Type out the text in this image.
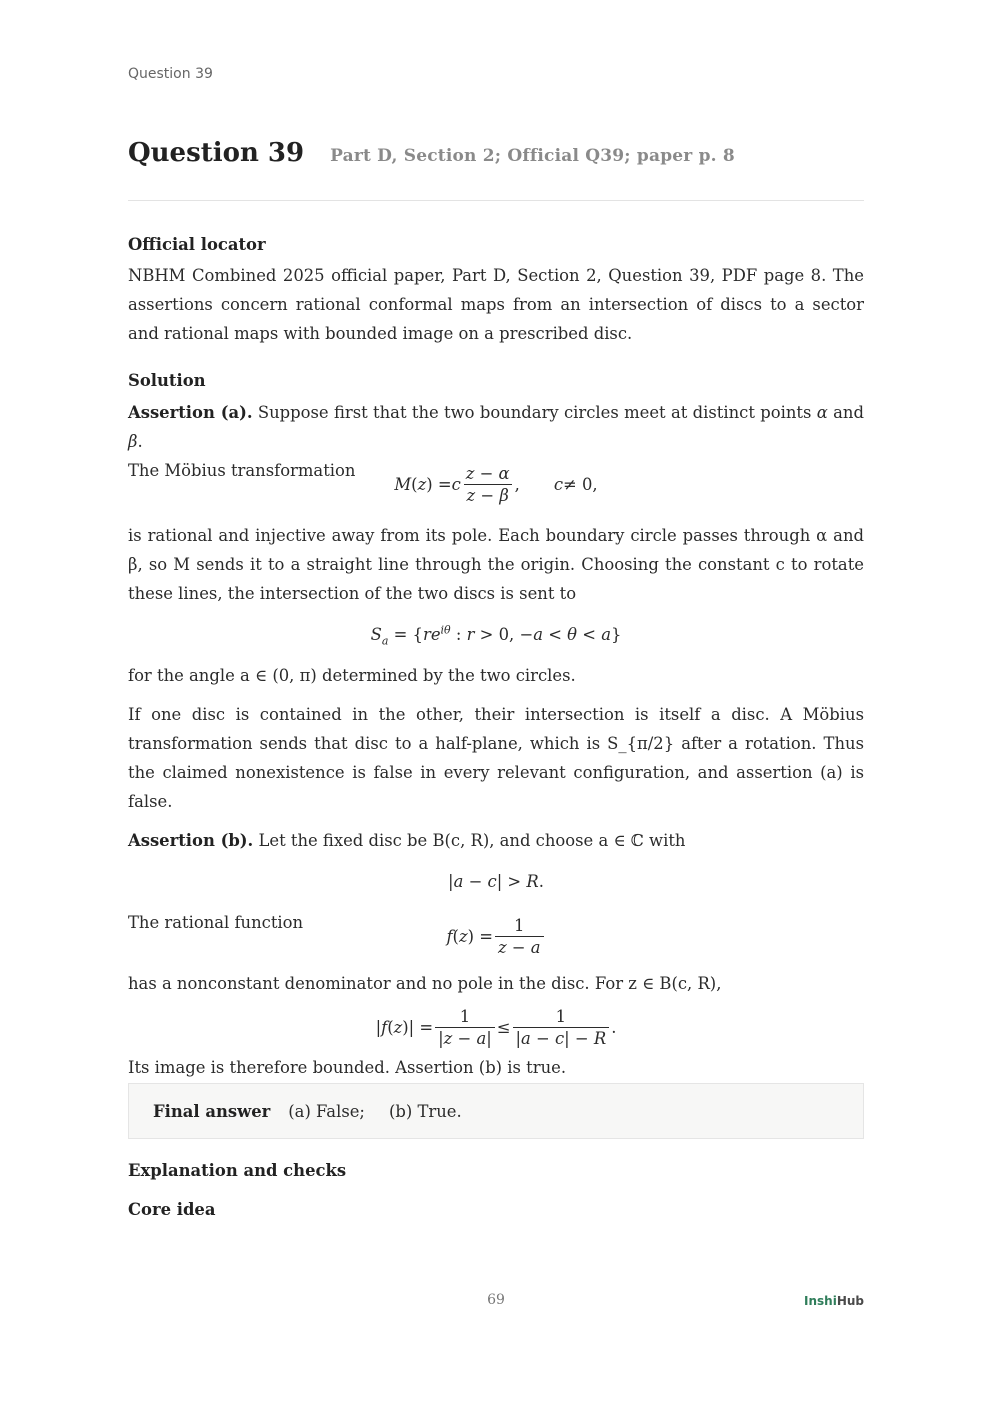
Question 39
Question 39 Part D, Section 2; Official Q39; paper p. 8
Official locator

NBHM Combined 2025 official paper, Part D, Section 2, Question 39, PDF page 8. The assertions concern rational conformal maps from an intersection of discs to a sector and rational maps with bounded image on a prescribed disc.

Solution

Assertion (a). Suppose first that the two boundary circles meet at distinct points α and β.

The Möbius transformation

M ( z ) = c $\frac{z - \alpha}{z - \beta}$ , c ≠ 0,

is rational and injective away from its pole. Each boundary circle passes through α and β, so M sends it to a straight line through the origin. Choosing the constant c to rotate these lines, the intersection of the two discs is sent to

$S_a = \{re^{i\theta}$ : r > 0, −a < θ < a}

for the angle a ∈ (0, π) determined by the two circles.

If one disc is contained in the other, their intersection is itself a disc. A Möbius transformation sends that disc to a half-plane, which is S_{π/2} after a rotation. Thus the claimed nonexistence is false in every relevant configuration, and assertion (a) is false.

Assertion (b). Let the fixed disc be B(c, R), and choose a ∈ ℂ with

|a − c| > R.

The rational function

f ( z ) = $\frac{1}{z - a}$

has a nonconstant denominator and no pole in the disc. For z ∈ B(c, R),

| f ( z )| = $\frac{1}{|z - a|} \le \frac{1}{|a - c| - R}$ .

Its image is therefore bounded. Assertion (b) is true.

Final answer (a) False; (b) True.
Explanation and checks
Core idea
69	InshiHub
